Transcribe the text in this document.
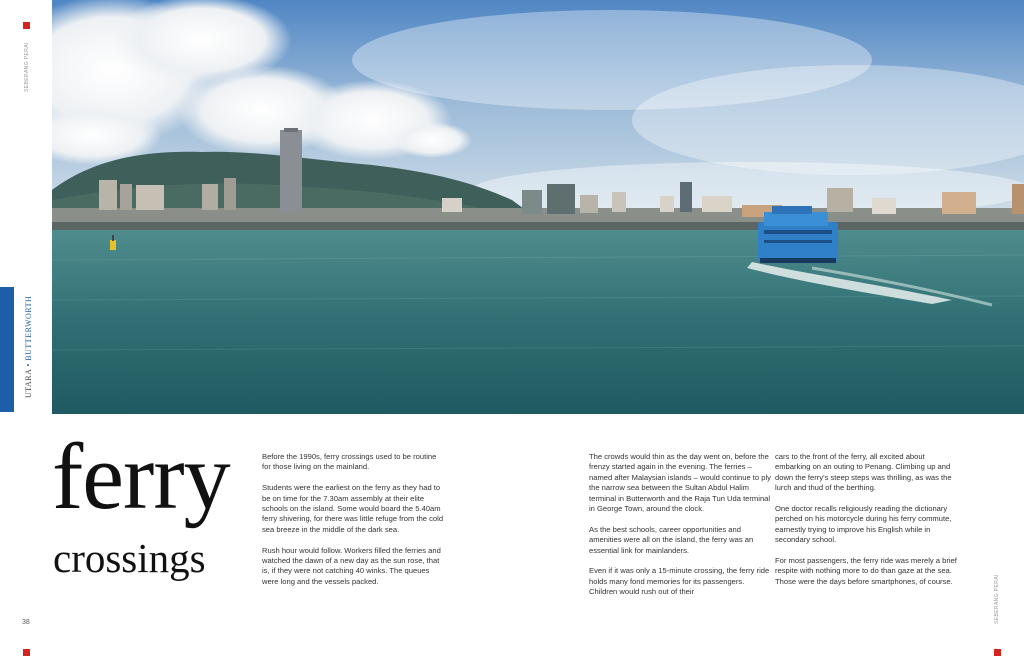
SEBERANG PERAI
UTARA • BUTTERWORTH
38	SEBERANG PERAI
ferry
crossings

Before the 1990s, ferry crossings used to be routine for those living on the mainland.

Students were the earliest on the ferry as they had to be on time for the 7.30am assembly at their elite schools on the island. Some would board the 5.40am ferry shivering, for there was little refuge from the cold sea breeze in the middle of the dark sea.

Rush hour would follow. Workers filled the ferries and watched the dawn of a new day as the sun rose, that is, if they were not catching 40 winks. The queues were long and the vessels packed.

The crowds would thin as the day went on, before the frenzy started again in the evening. The ferries – named after Malaysian islands – would continue to ply the narrow sea between the Sultan Abdul Halim terminal in Butterworth and the Raja Tun Uda terminal in George Town, around the clock.

As the best schools, career opportunities and amenities were all on the island, the ferry was an essential link for mainlanders.

Even if it was only a 15-minute crossing, the ferry ride holds many fond memories for its passengers. Children would rush out of their

cars to the front of the ferry, all excited about embarking on an outing to Penang. Climbing up and down the ferry's steep steps was thrilling, as was the lurch and thud of the berthing.

One doctor recalls religiously reading the dictionary perched on his motorcycle during his ferry commute, earnestly trying to improve his English while in secondary school.

For most passengers, the ferry ride was merely a brief respite with nothing more to do than gaze at the sea. Those were the days before smartphones, of course.
